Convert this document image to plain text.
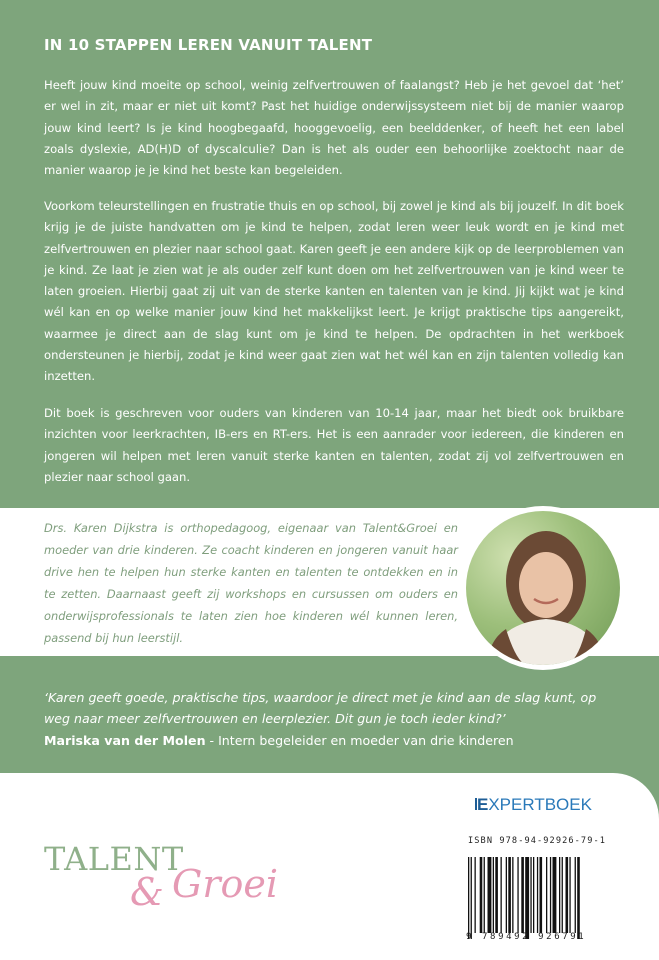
IN 10 STAPPEN LEREN VANUIT TALENT

Heeft jouw kind moeite op school, weinig zelfvertrouwen of faalangst? Heb je het gevoel dat ‘het’ er wel in zit, maar er niet uit komt? Past het huidige onderwijssysteem niet bij de manier waarop jouw kind leert? Is je kind hoogbegaafd, hooggevoelig, een beelddenker, of heeft het een label zoals dyslexie, AD(H)D of dyscalculie? Dan is het als ouder een behoorlijke zoektocht naar de manier waarop je je kind het beste kan begeleiden.

Voorkom teleurstellingen en frustratie thuis en op school, bij zowel je kind als bij jouzelf. In dit boek krijg je de juiste handvatten om je kind te helpen, zodat leren weer leuk wordt en je kind met zelfvertrouwen en plezier naar school gaat. Karen geeft je een andere kijk op de leerproblemen van je kind. Ze laat je zien wat je als ouder zelf kunt doen om het zelfvertrouwen van je kind weer te laten groeien. Hierbij gaat zij uit van de sterke kanten en talenten van je kind. Jij kijkt wat je kind wél kan en op welke manier jouw kind het makkelijkst leert. Je krijgt praktische tips aangereikt, waarmee je direct aan de slag kunt om je kind te helpen. De opdrachten in het werkboek ondersteunen je hierbij, zodat je kind weer gaat zien wat het wél kan en zijn talenten volledig kan inzetten.

Dit boek is geschreven voor ouders van kinderen van 10-14 jaar, maar het biedt ook bruikbare inzichten voor leerkrachten, IB-ers en RT-ers. Het is een aanrader voor iedereen, die kinderen en jongeren wil helpen met leren vanuit sterke kanten en talenten, zodat zij vol zelfvertrouwen en plezier naar school gaan.

Drs. Karen Dijkstra is orthopedagoog, eigenaar van Talent&Groei en moeder van drie kinderen. Ze coacht kinderen en jongeren vanuit haar drive hen te helpen hun sterke kanten en talenten te ontdekken en in te zetten. Daarnaast geeft zij workshops en cursussen om ouders en onderwijsprofessionals te laten zien hoe kinderen wél kunnen leren, passend bij hun leerstijl.

‘Karen geeft goede, praktische tips, waardoor je direct met je kind aan de slag kunt, op weg naar meer zelfvertrouwen en leerplezier. Dit gun je toch ieder kind?’

Mariska van der Molen - Intern begeleider en moeder van drie kinderen
TALENT
& Groei
EXPERTBOEK
ISBN 978-94-92926-79-1
9 789492 926791
